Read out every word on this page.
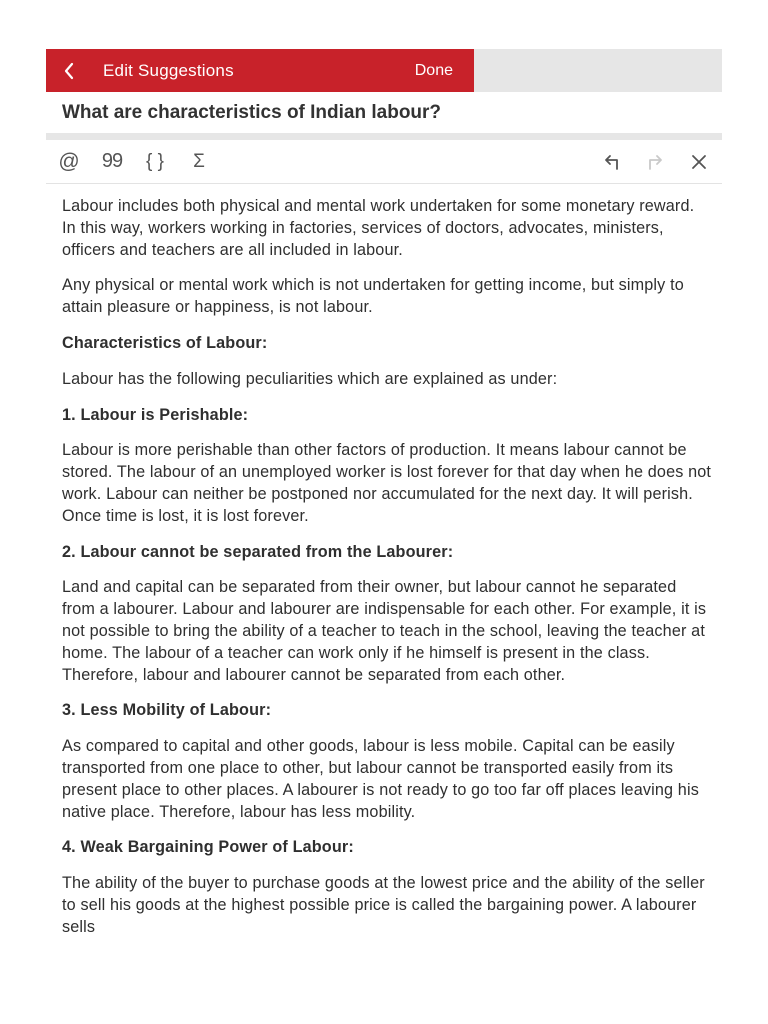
Edit Suggestions	Done
What are characteristics of Indian labour?
@ 99 { } Σ

Labour includes both physical and mental work undertaken for some monetary reward. In this way, workers working in factories, services of doctors, advocates, ministers, officers and teachers are all included in labour.

Any physical or mental work which is not undertaken for getting income, but simply to attain pleasure or happiness, is not labour.

Characteristics of Labour:

Labour has the following peculiarities which are explained as under:

1. Labour is Perishable:

Labour is more perishable than other factors of production. It means labour cannot be stored. The labour of an unemployed worker is lost forever for that day when he does not work. Labour can neither be postponed nor accumulated for the next day. It will perish. Once time is lost, it is lost forever.

2. Labour cannot be separated from the Labourer:

Land and capital can be separated from their owner, but labour cannot he separated from a labourer. Labour and labourer are indispensable for each other. For example, it is not possible to bring the ability of a teacher to teach in the school, leaving the teacher at home. The labour of a teacher can work only if he himself is present in the class. Therefore, labour and labourer cannot be separated from each other.

3. Less Mobility of Labour:

As compared to capital and other goods, labour is less mobile. Capital can be easily transported from one place to other, but labour cannot be transported easily from its present place to other places. A labourer is not ready to go too far off places leaving his native place. Therefore, labour has less mobility.

4. Weak Bargaining Power of Labour:

The ability of the buyer to purchase goods at the lowest price and the ability of the seller to sell his goods at the highest possible price is called the bargaining power. A labourer sells
